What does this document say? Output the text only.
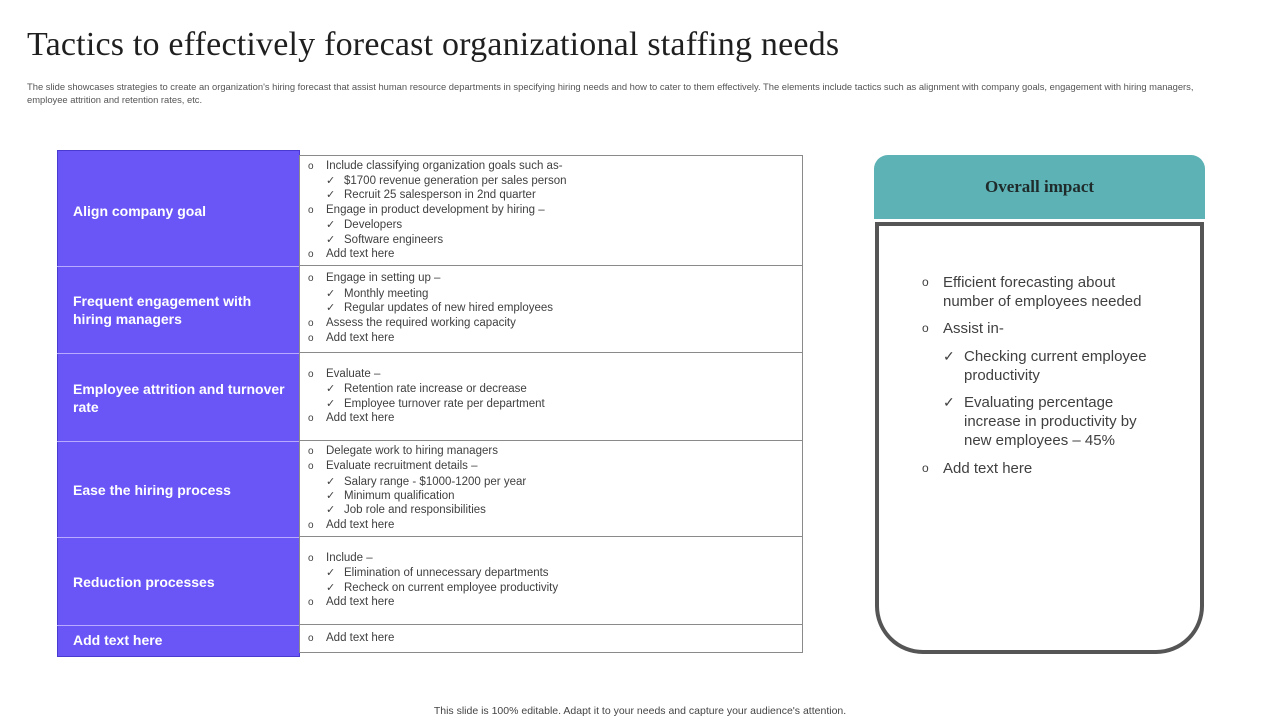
Tactics to effectively forecast organizational staffing needs
The slide showcases strategies to create an organization's hiring forecast that assist human resource departments in specifying hiring needs and how to cater to them effectively. The elements include tactics such as alignment with company goals, engagement with hiring managers, employee attrition and retention rates, etc.
Align company goal
o	Include classifying organization goals such as-
✓ $1700 revenue generation per sales person
✓ Recruit 25 salesperson in 2nd quarter
o	Engage in product development by hiring –
✓ Developers
✓ Software engineers
o	Add text here
Frequent engagement with hiring managers
o	Engage in setting up –
✓ Monthly meeting
✓ Regular updates of new hired employees
o	Assess the required working capacity
o	Add text here
Employee attrition and turnover rate
o	Evaluate –
✓ Retention rate increase or decrease
✓ Employee turnover rate per department
o	Add text here
Ease the hiring process
o	Delegate work to hiring managers
o	Evaluate recruitment details –
✓ Salary range - $1000-1200 per year
✓ Minimum qualification
✓ Job role and responsibilities
o	Add text here
Reduction processes
o	Include –
✓ Elimination of unnecessary departments
✓ Recheck on current employee productivity
o	Add text here
Add text here	o	Add text here
Overall impact
o Efficient forecasting about number of employees needed
o Assist in-
✓ Checking current employee productivity
✓ Evaluating percentage increase in productivity by new employees – 45%
o Add text here
This slide is 100% editable. Adapt it to your needs and capture your audience's attention.
